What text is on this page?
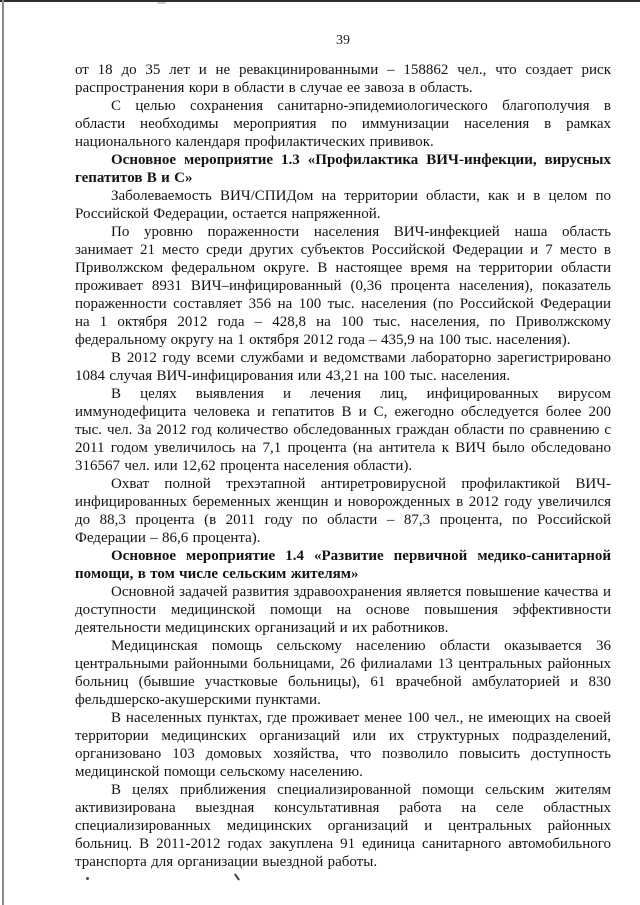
39

от 18 до 35 лет и не ревакцинированными – 158862 чел., что создает риск распространения кори в области в случае ее завоза в область.

С целью сохранения санитарно-эпидемиологического благополучия в области необходимы мероприятия по иммунизации населения в рамках национального календаря профилактических прививок.

Основное мероприятие 1.3 «Профилактика ВИЧ-инфекции, вирусных гепатитов В и С»

Заболеваемость ВИЧ/СПИДом на территории области, как и в целом по Российской Федерации, остается напряженной.

По уровню пораженности населения ВИЧ-инфекцией наша область занимает 21 место среди других субъектов Российской Федерации и 7 место в Приволжском федеральном округе. В настоящее время на территории области проживает 8931 ВИЧ–инфицированный (0,36 процента населения), показатель пораженности составляет 356 на 100 тыс. населения (по Российской Федерации на 1 октября 2012 года – 428,8 на 100 тыс. населения, по Приволжскому федеральному округу на 1 октября 2012 года – 435,9 на 100 тыс. населения).

В 2012 году всеми службами и ведомствами лабораторно зарегистрировано 1084 случая ВИЧ-инфицирования или 43,21 на 100 тыс. населения.

В целях выявления и лечения лиц, инфицированных вирусом иммунодефицита человека и гепатитов В и С, ежегодно обследуется более 200 тыс. чел. За 2012 год количество обследованных граждан области по сравнению с 2011 годом увеличилось на 7,1 процента (на антитела к ВИЧ было обследовано 316567 чел. или 12,62 процента населения области).

Охват полной трехэтапной антиретровирусной профилактикой ВИЧ-инфицированных беременных женщин и новорожденных в 2012 году увеличился до 88,3 процента (в 2011 году по области – 87,3 процента, по Российской Федерации – 86,6 процента).

Основное мероприятие 1.4 «Развитие первичной медико-санитарной помощи, в том числе сельским жителям»

Основной задачей развития здравоохранения является повышение качества и доступности медицинской помощи на основе повышения эффективности деятельности медицинских организаций и их работников.

Медицинская помощь сельскому населению области оказывается 36 центральными районными больницами, 26 филиалами 13 центральных районных больниц (бывшие участковые больницы), 61 врачебной амбулаторией и 830 фельдшерско-акушерскими пунктами.

В населенных пунктах, где проживает менее 100 чел., не имеющих на своей территории медицинских организаций или их структурных подразделений, организовано 103 домовых хозяйства, что позволило повысить доступность медицинской помощи сельскому населению.

В целях приближения специализированной помощи сельским жителям активизирована выездная консультативная работа на селе областных специализированных медицинских организаций и центральных районных больниц. В 2011-2012 годах закуплена 91 единица санитарного автомобильного транспорта для организации выездной работы.
